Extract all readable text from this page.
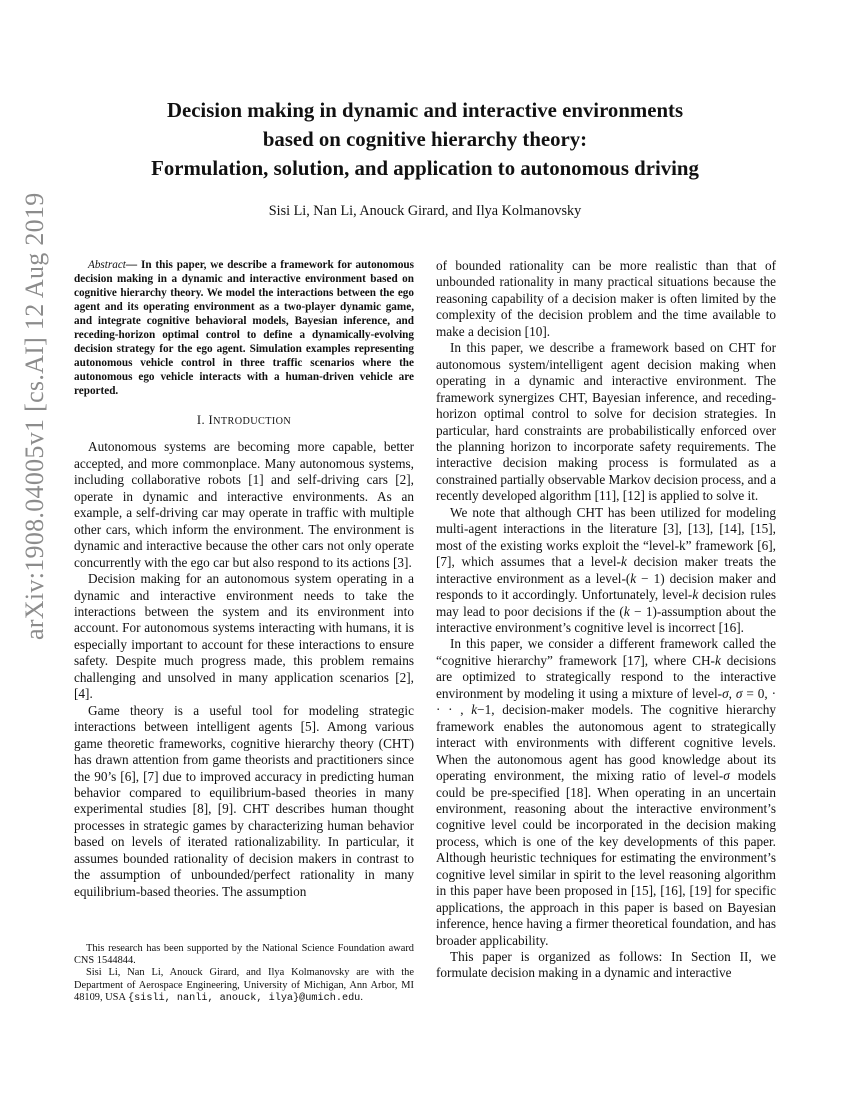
arXiv:1908.04005v1 [cs.AI] 12 Aug 2019
Decision making in dynamic and interactive environments
based on cognitive hierarchy theory:
Formulation, solution, and application to autonomous driving
Sisi Li, Nan Li, Anouck Girard, and Ilya Kolmanovsky

Abstract— In this paper, we describe a framework for autonomous decision making in a dynamic and interactive environment based on cognitive hierarchy theory. We model the interactions between the ego agent and its operating environment as a two-player dynamic game, and integrate cognitive behavioral models, Bayesian inference, and receding-horizon optimal control to define a dynamically-evolving decision strategy for the ego agent. Simulation examples representing autonomous vehicle control in three traffic scenarios where the autonomous ego vehicle interacts with a human-driven vehicle are reported.

I. INTRODUCTION

Autonomous systems are becoming more capable, better accepted, and more commonplace. Many autonomous systems, including collaborative robots [1] and self-driving cars [2], operate in dynamic and interactive environments. As an example, a self-driving car may operate in traffic with multiple other cars, which inform the environment. The environment is dynamic and interactive because the other cars not only operate concurrently with the ego car but also respond to its actions [3].

Decision making for an autonomous system operating in a dynamic and interactive environment needs to take the interactions between the system and its environment into account. For autonomous systems interacting with humans, it is especially important to account for these interactions to ensure safety. Despite much progress made, this problem remains challenging and unsolved in many application scenarios [2], [4].

Game theory is a useful tool for modeling strategic interactions between intelligent agents [5]. Among various game theoretic frameworks, cognitive hierarchy theory (CHT) has drawn attention from game theorists and practitioners since the 90’s [6], [7] due to improved accuracy in predicting human behavior compared to equilibrium-based theories in many experimental studies [8], [9]. CHT describes human thought processes in strategic games by characterizing human behavior based on levels of iterated rationalizability. In particular, it assumes bounded rationality of decision makers in contrast to the assumption of unbounded/perfect rationality in many equilibrium-based theories. The assumption

This research has been supported by the National Science Foundation award CNS 1544844.

Sisi Li, Nan Li, Anouck Girard, and Ilya Kolmanovsky are with the Department of Aerospace Engineering, University of Michigan, Ann Arbor, MI 48109, USA {sisli, nanli, anouck, ilya}@umich.edu.

of bounded rationality can be more realistic than that of unbounded rationality in many practical situations because the reasoning capability of a decision maker is often limited by the complexity of the decision problem and the time available to make a decision [10].

In this paper, we describe a framework based on CHT for autonomous system/intelligent agent decision making when operating in a dynamic and interactive environment. The framework synergizes CHT, Bayesian inference, and receding-horizon optimal control to solve for decision strategies. In particular, hard constraints are probabilistically enforced over the planning horizon to incorporate safety requirements. The interactive decision making process is formulated as a constrained partially observable Markov decision process, and a recently developed algorithm [11], [12] is applied to solve it.

We note that although CHT has been utilized for modeling multi-agent interactions in the literature [3], [13], [14], [15], most of the existing works exploit the “level-k” framework [6], [7], which assumes that a level-k decision maker treats the interactive environment as a level-(k − 1) decision maker and responds to it accordingly. Unfortunately, level-k decision rules may lead to poor decisions if the (k − 1)-assumption about the interactive environment’s cognitive level is incorrect [16].

In this paper, we consider a different framework called the “cognitive hierarchy” framework [17], where CH-k decisions are optimized to strategically respond to the interactive environment by modeling it using a mixture of level-σ, σ = 0, · · · , k−1, decision-maker models. The cognitive hierarchy framework enables the autonomous agent to strategically interact with environments with different cognitive levels. When the autonomous agent has good knowledge about its operating environment, the mixing ratio of level-σ models could be pre-specified [18]. When operating in an uncertain environment, reasoning about the interactive environment’s cognitive level could be incorporated in the decision making process, which is one of the key developments of this paper. Although heuristic techniques for estimating the environment’s cognitive level similar in spirit to the level reasoning algorithm in this paper have been proposed in [15], [16], [19] for specific applications, the approach in this paper is based on Bayesian inference, hence having a firmer theoretical foundation, and has broader applicability.

This paper is organized as follows: In Section II, we formulate decision making in a dynamic and interactive
